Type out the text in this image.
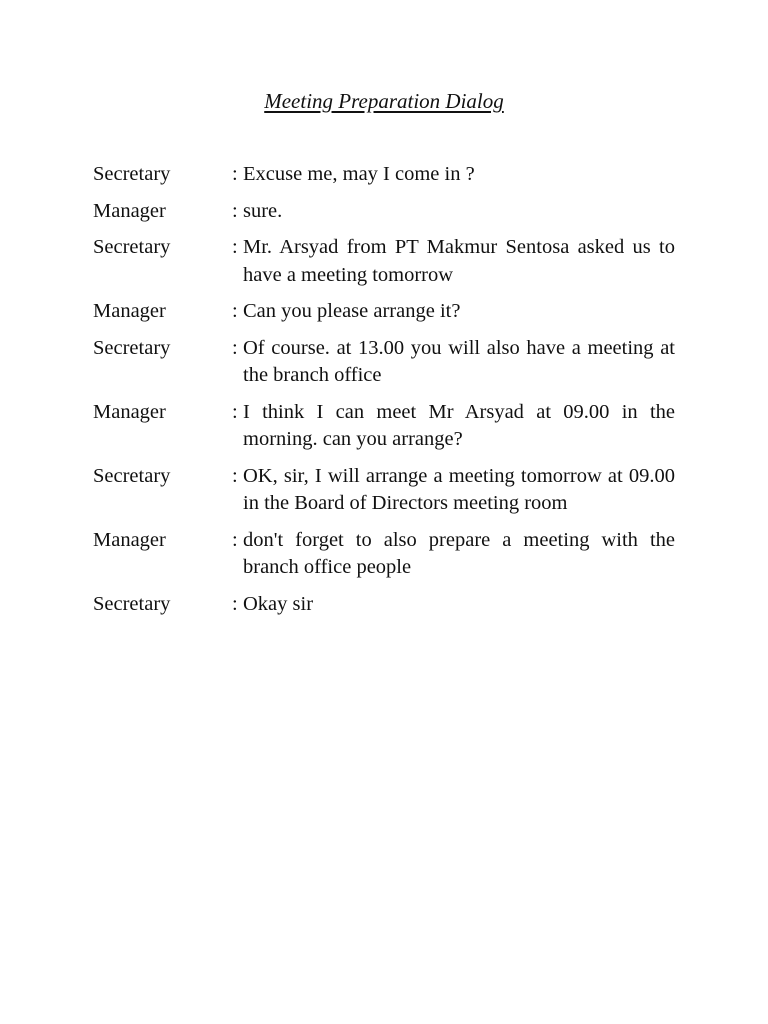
Meeting Preparation Dialog
Secretary	: Excuse me, may I come in ?
Manager	: sure.
Secretary	: Mr. Arsyad from PT Makmur Sentosa asked us to have a meeting tomorrow
Manager	: Can you please arrange it?
Secretary	: Of course. at 13.00 you will also have a meeting at the branch office
Manager	: I think I can meet Mr Arsyad at 09.00 in the morning. can you arrange?
Secretary	: OK, sir, I will arrange a meeting tomorrow at 09.00 in the Board of Directors meeting room
Manager	: don't forget to also prepare a meeting with the branch office people
Secretary	: Okay sir
